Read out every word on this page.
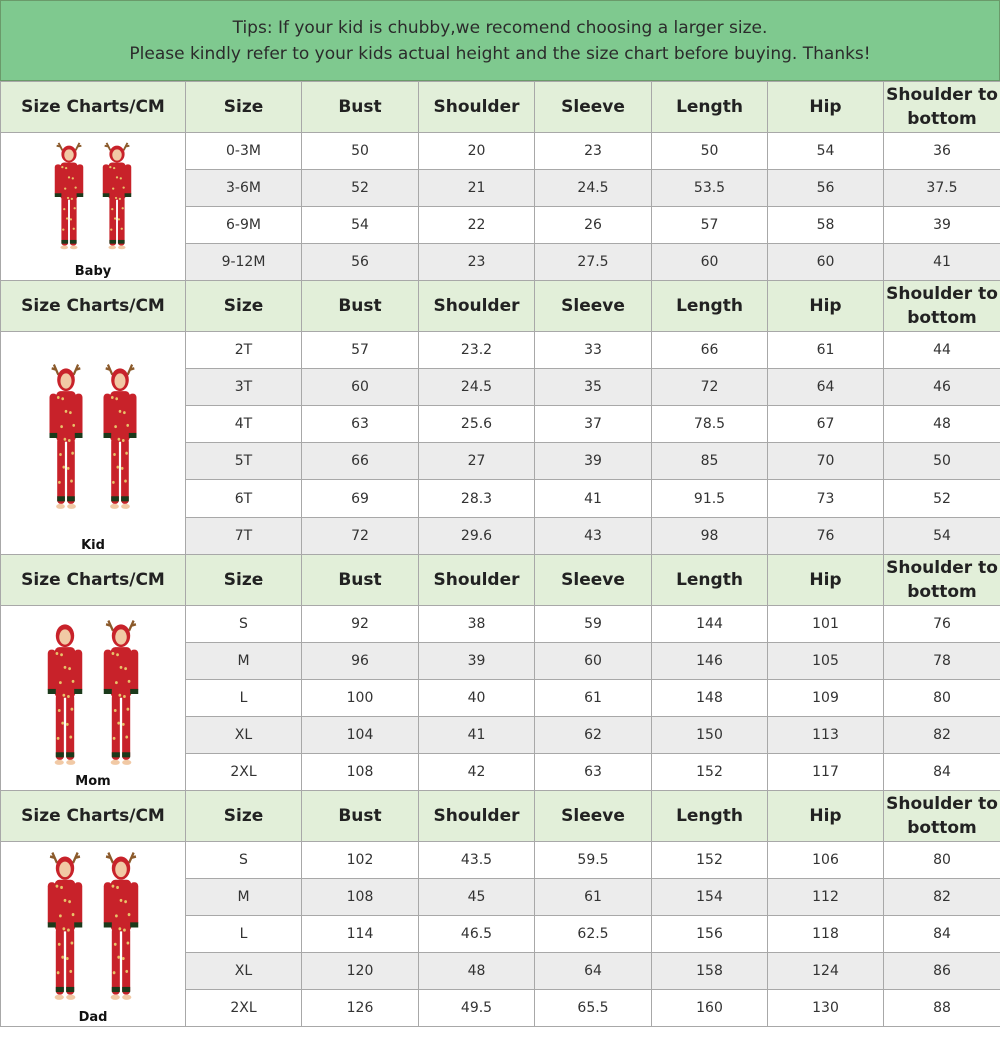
Tips: If your kid is chubby,we recomend choosing a larger size.
Please kindly refer to your kids actual height and the size chart before buying. Thanks!
Size Charts/CM	Size	Bust	Shoulder	Sleeve	Length	Hip	Shoulder to bottom

Baby	0-3M	50	20	23	50	54	36
	3-6M	52	21	24.5	53.5	56	37.5
	6-9M	54	22	26	57	58	39
	9-12M	56	23	27.5	60	60	41
Size Charts/CM	Size	Bust	Shoulder	Sleeve	Length	Hip	Shoulder to bottom

Kid	2T	57	23.2	33	66	61	44
	3T	60	24.5	35	72	64	46
	4T	63	25.6	37	78.5	67	48
	5T	66	27	39	85	70	50
	6T	69	28.3	41	91.5	73	52
	7T	72	29.6	43	98	76	54
Size Charts/CM	Size	Bust	Shoulder	Sleeve	Length	Hip	Shoulder to bottom

Mom	S	92	38	59	144	101	76
	M	96	39	60	146	105	78
	L	100	40	61	148	109	80
	XL	104	41	62	150	113	82
	2XL	108	42	63	152	117	84
Size Charts/CM	Size	Bust	Shoulder	Sleeve	Length	Hip	Shoulder to bottom

Dad	S	102	43.5	59.5	152	106	80
	M	108	45	61	154	112	82
	L	114	46.5	62.5	156	118	84
	XL	120	48	64	158	124	86
	2XL	126	49.5	65.5	160	130	88
